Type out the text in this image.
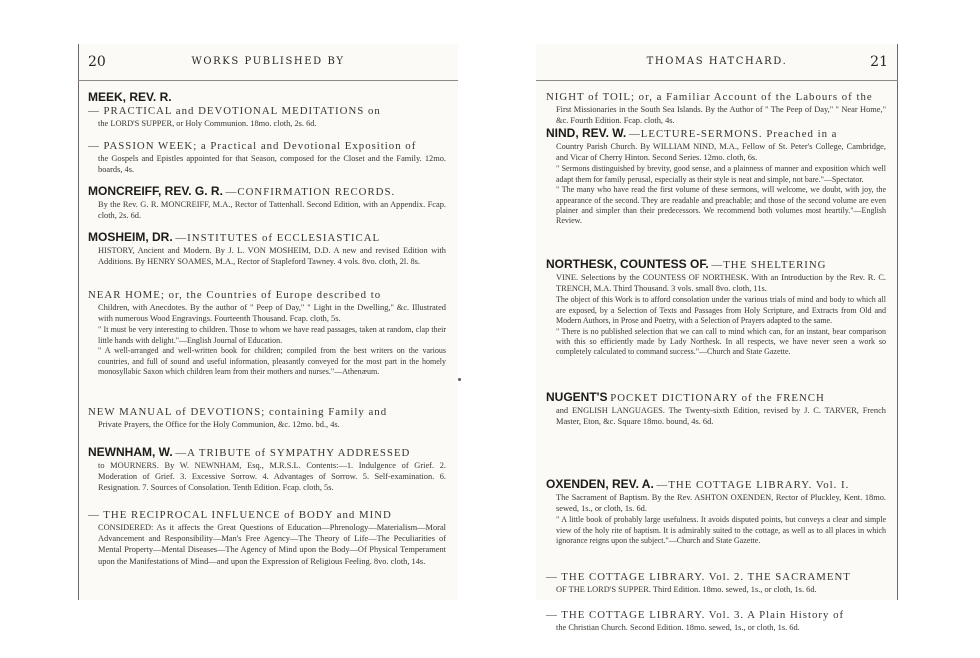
20	WORKS PUBLISHED BY

MEEK, REV. R.

— PRACTICAL and DEVOTIONAL MEDITATIONS on

the LORD'S SUPPER, or Holy Communion. 18mo. cloth, 2s. 6d.

— PASSION WEEK; a Practical and Devotional Exposition of

the Gospels and Epistles appointed for that Season, composed for the Closet and the Family. 12mo. boards, 4s.

MONCREIFF, REV. G. R. —CONFIRMATION RECORDS.

By the Rev. G. R. MONCREIFF, M.A., Rector of Tattenhall. Second Edition, with an Appendix. Fcap. cloth, 2s. 6d.

MOSHEIM, DR. —INSTITUTES of ECCLESIASTICAL

HISTORY, Ancient and Modern. By J. L. VON MOSHEIM, D.D. A new and revised Edition with Additions. By HENRY SOAMES, M.A., Rector of Stapleford Tawney. 4 vols. 8vo. cloth, 2l. 8s.

NEAR HOME; or, the Countries of Europe described to

Children, with Anecdotes. By the author of " Peep of Day," " Light in the Dwelling," &c. Illustrated with numerous Wood Engravings. Fourteenth Thousand. Fcap. cloth, 5s.

" It must be very interesting to children. Those to whom we have read passages, taken at random, clap their little hands with delight."—English Journal of Education.
" A well-arranged and well-written book for children; compiled from the best writers on the various countries, and full of sound and useful information, pleasantly conveyed for the most part in the homely monosyllabic Saxon which children learn from their mothers and nurses."—Athenæum.

NEW MANUAL of DEVOTIONS; containing Family and

Private Prayers, the Office for the Holy Communion, &c. 12mo. bd., 4s.

NEWNHAM, W. —A TRIBUTE of SYMPATHY ADDRESSED

to MOURNERS. By W. NEWNHAM, Esq., M.R.S.L. Contents:—1. Indulgence of Grief. 2. Moderation of Grief. 3. Excessive Sorrow. 4. Advantages of Sorrow. 5. Self-examination. 6. Resignation. 7. Sources of Consolation. Tenth Edition. Fcap. cloth, 5s.

— THE RECIPROCAL INFLUENCE of BODY and MIND

CONSIDERED: As it affects the Great Questions of Education—Phrenology—Materialism—Moral Advancement and Responsibility—Man's Free Agency—The Theory of Life—The Peculiarities of Mental Property—Mental Diseases—The Agency of Mind upon the Body—Of Physical Temperament upon the Manifestations of Mind—and upon the Expression of Religious Feeling. 8vo. cloth, 14s.

THOMAS HATCHARD.	21

NIGHT of TOIL; or, a Familiar Account of the Labours of the

First Missionaries in the South Sea Islands. By the Author of " The Peep of Day," " Near Home," &c. Fourth Edition. Fcap. cloth, 4s.

NIND, REV. W. —LECTURE-SERMONS. Preached in a

Country Parish Church. By WILLIAM NIND, M.A., Fellow of St. Peter's College, Cambridge, and Vicar of Cherry Hinton. Second Series. 12mo. cloth, 6s.

" Sermons distinguished by brevity, good sense, and a plainness of manner and exposition which well adapt them for family perusal, especially as their style is neat and simple, not bare."—Spectator.
" The many who have read the first volume of these sermons, will welcome, we doubt, with joy, the appearance of the second. They are readable and preachable; and those of the second volume are even plainer and simpler than their predecessors. We recommend both volumes most heartily."—English Review.

NORTHESK, COUNTESS OF. —THE SHELTERING

VINE. Selections by the COUNTESS OF NORTHESK. With an Introduction by the Rev. R. C. TRENCH, M.A. Third Thousand. 3 vols. small 8vo. cloth, 11s.

The object of this Work is to afford consolation under the various trials of mind and body to which all are exposed, by a Selection of Texts and Passages from Holy Scripture, and Extracts from Old and Modern Authors, in Prose and Poetry, with a Selection of Prayers adapted to the same.
" There is no published selection that we can call to mind which can, for an instant, bear comparison with this so efficiently made by Lady Northesk. In all respects, we have never seen a work so completely calculated to command success."—Church and State Gazette.

NUGENT'S POCKET DICTIONARY of the FRENCH

and ENGLISH LANGUAGES. The Twenty-sixth Edition, revised by J. C. TARVER, French Master, Eton, &c. Square 18mo. bound, 4s. 6d.

OXENDEN, REV. A. —THE COTTAGE LIBRARY. Vol. I.

The Sacrament of Baptism. By the Rev. ASHTON OXENDEN, Rector of Pluckley, Kent. 18mo. sewed, 1s., or cloth, 1s. 6d.

" A little book of probably large usefulness. It avoids disputed points, but conveys a clear and simple view of the holy rite of baptism. It is admirably suited to the cottage, as well as to all places in which ignorance reigns upon the subject."—Church and State Gazette.

— THE COTTAGE LIBRARY. Vol. 2. THE SACRAMENT

OF THE LORD'S SUPPER. Third Edition. 18mo. sewed, 1s., or cloth, 1s. 6d.

— THE COTTAGE LIBRARY. Vol. 3. A Plain History of

the Christian Church. Second Edition. 18mo. sewed, 1s., or cloth, 1s. 6d.
